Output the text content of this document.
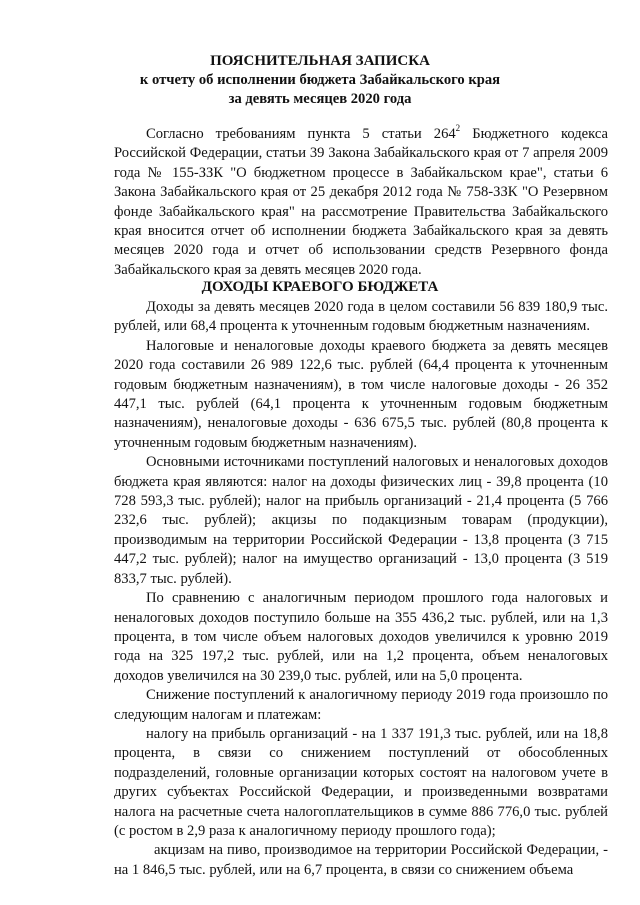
ПОЯСНИТЕЛЬНАЯ ЗАПИСКА
к отчету об исполнении бюджета Забайкальского края
за девять месяцев 2020 года

Согласно требованиям пункта 5 статьи $264^2$ Бюджетного кодекса Российской Федерации, статьи 39 Закона Забайкальского края от 7 апреля 2009 года № 155-ЗЗК "О бюджетном процессе в Забайкальском крае", статьи 6 Закона Забайкальского края от 25 декабря 2012 года № 758-ЗЗК "О Резервном фонде Забайкальского края" на рассмотрение Правительства Забайкальского края вносится отчет об исполнении бюджета Забайкальского края за девять месяцев 2020 года и отчет об использовании средств Резервного фонда Забайкальского края за девять месяцев 2020 года.

ДОХОДЫ КРАЕВОГО БЮДЖЕТА

Доходы за девять месяцев 2020 года в целом составили 56 839 180,9 тыс. рублей, или 68,4 процента к уточненным годовым бюджетным назначениям.

Налоговые и неналоговые доходы краевого бюджета за девять месяцев 2020 года составили 26 989 122,6 тыс. рублей (64,4 процента к уточненным годовым бюджетным назначениям), в том числе налоговые доходы - 26 352 447,1 тыс. рублей (64,1 процента к уточненным годовым бюджетным назначениям), неналоговые доходы - 636 675,5 тыс. рублей (80,8 процента к уточненным годовым бюджетным назначениям).

Основными источниками поступлений налоговых и неналоговых доходов бюджета края являются: налог на доходы физических лиц - 39,8 процента (10 728 593,3 тыс. рублей); налог на прибыль организаций - 21,4 процента (5 766 232,6 тыс. рублей); акцизы по подакцизным товарам (продукции), производимым на территории Российской Федерации - 13,8 процента (3 715 447,2 тыс. рублей); налог на имущество организаций - 13,0 процента (3 519 833,7 тыс. рублей).

По сравнению с аналогичным периодом прошлого года налоговых и неналоговых доходов поступило больше на 355 436,2 тыс. рублей, или на 1,3 процента, в том числе объем налоговых доходов увеличился к уровню 2019 года на 325 197,2 тыс. рублей, или на 1,2 процента, объем неналоговых доходов увеличился на 30 239,0 тыс. рублей, или на 5,0 процента.

Снижение поступлений к аналогичному периоду 2019 года произошло по следующим налогам и платежам:

налогу на прибыль организаций - на 1 337 191,3 тыс. рублей, или на 18,8 процента, в связи со снижением поступлений от обособленных подразделений, головные организации которых состоят на налоговом учете в других субъектах Российской Федерации, и произведенными возвратами налога на расчетные счета налогоплательщиков в сумме 886 776,0 тыс. рублей (с ростом в 2,9 раза к аналогичному периоду прошлого года);

акцизам на пиво, производимое на территории Российской Федерации, - на 1 846,5 тыс. рублей, или на 6,7 процента, в связи со снижением объема
